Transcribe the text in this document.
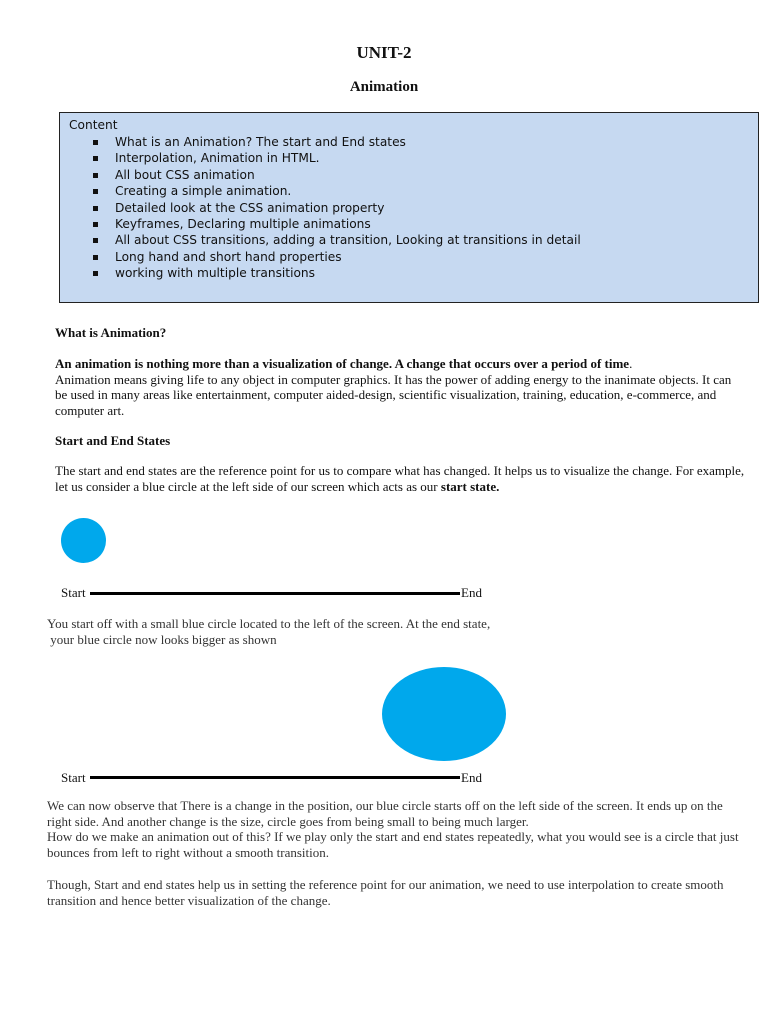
UNIT-2
Animation
Content
What is an Animation? The start and End states
Interpolation, Animation in HTML.
All bout CSS animation
Creating a simple animation.
Detailed look at the CSS animation property
Keyframes, Declaring multiple animations
All about CSS transitions, adding a transition, Looking at transitions in detail
Long hand and short hand properties
working with multiple transitions
What is Animation?
An animation is nothing more than a visualization of change. A change that occurs over a period of time.
Animation means giving life to any object in computer graphics. It has the power of adding energy to the inanimate objects. It can be used in many areas like entertainment, computer aided-design, scientific visualization, training, education, e-commerce, and computer art.
Start and End States
The start and end states are the reference point for us to compare what has changed. It helps us to visualize the change. For example, let us consider a blue circle at the left side of our screen which acts as our start state.
Start	End
You start off with a small blue circle located to the left of the screen. At the end state,
your blue circle now looks bigger as shown
Start	End
We can now observe that There is a change in the position, our blue circle starts off on the left side of the screen. It ends up on the right side. And another change is the size, circle goes from being small to being much larger.
How do we make an animation out of this? If we play only the start and end states repeatedly, what you would see is a circle that just bounces from left to right without a smooth transition.
Though, Start and end states help us in setting the reference point for our animation, we need to use interpolation to create smooth transition and hence better visualization of the change.
